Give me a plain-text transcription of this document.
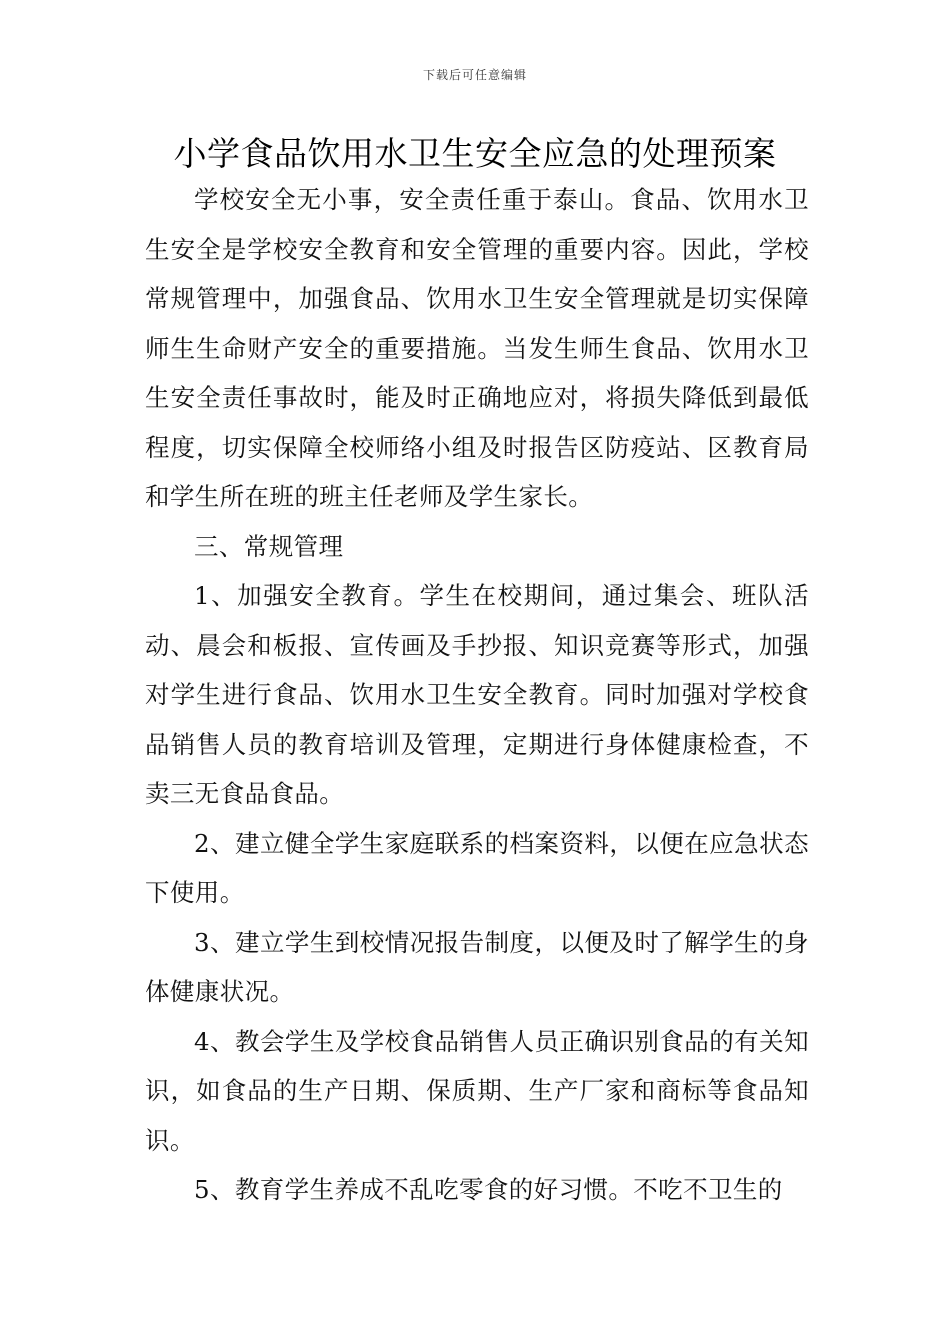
下载后可任意编辑
小学食品饮用水卫生安全应急的处理预案

学校安全无小事，安全责任重于泰山。食品、饮用水卫生安全是学校安全教育和安全管理的重要内容。因此，学校常规管理中，加强食品、饮用水卫生安全管理就是切实保障师生生命财产安全的重要措施。当发生师生食品、饮用水卫生安全责任事故时，能及时正确地应对，将损失降低到最低程度，切实保障全校师络小组及时报告区防疫站、区教育局和学生所在班的班主任老师及学生家长。

三、常规管理

1、加强安全教育。学生在校期间，通过集会、班队活动、晨会和板报、宣传画及手抄报、知识竞赛等形式，加强对学生进行食品、饮用水卫生安全教育。同时加强对学校食品销售人员的教育培训及管理，定期进行身体健康检查，不卖三无食品食品。

2、建立健全学生家庭联系的档案资料，以便在应急状态下使用。

3、建立学生到校情况报告制度，以便及时了解学生的身体健康状况。

4、教会学生及学校食品销售人员正确识别食品的有关知识，如食品的生产日期、保质期、生产厂家和商标等食品知识。

5、教育学生养成不乱吃零食的好习惯。不吃不卫生的
